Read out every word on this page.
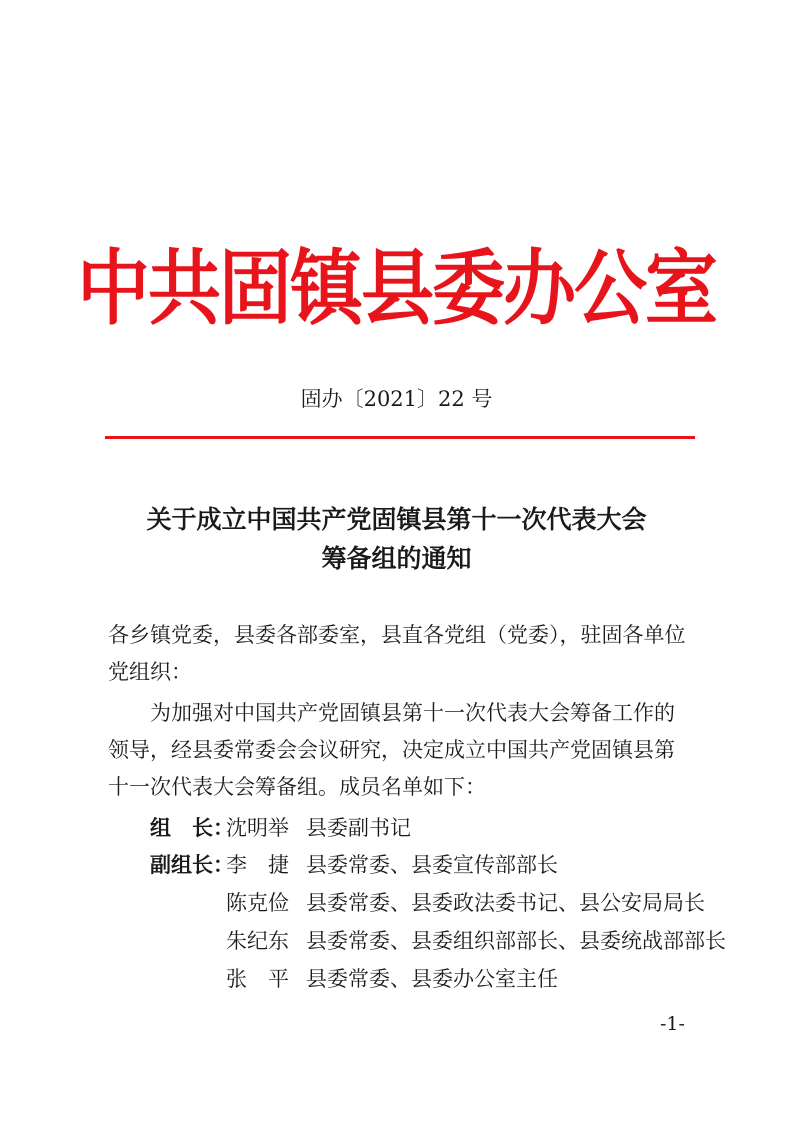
中共固镇县委办公室
固办〔2021〕22 号
关于成立中国共产党固镇县第十一次代表大会
筹备组的通知
各乡镇党委，县委各部委室，县直各党组（党委），驻固各单位
党组织：
　　为加强对中国共产党固镇县第十一次代表大会筹备工作的
领导，经县委常委会会议研究，决定成立中国共产党固镇县第
十一次代表大会筹备组。成员名单如下：
组　长：沈明举 县委副书记
副组长：李　捷 县委常委、县委宣传部部长
陈克俭 县委常委、县委政法委书记、县公安局局长
朱纪东 县委常委、县委组织部部长、县委统战部部长
张　平 县委常委、县委办公室主任
-1-
